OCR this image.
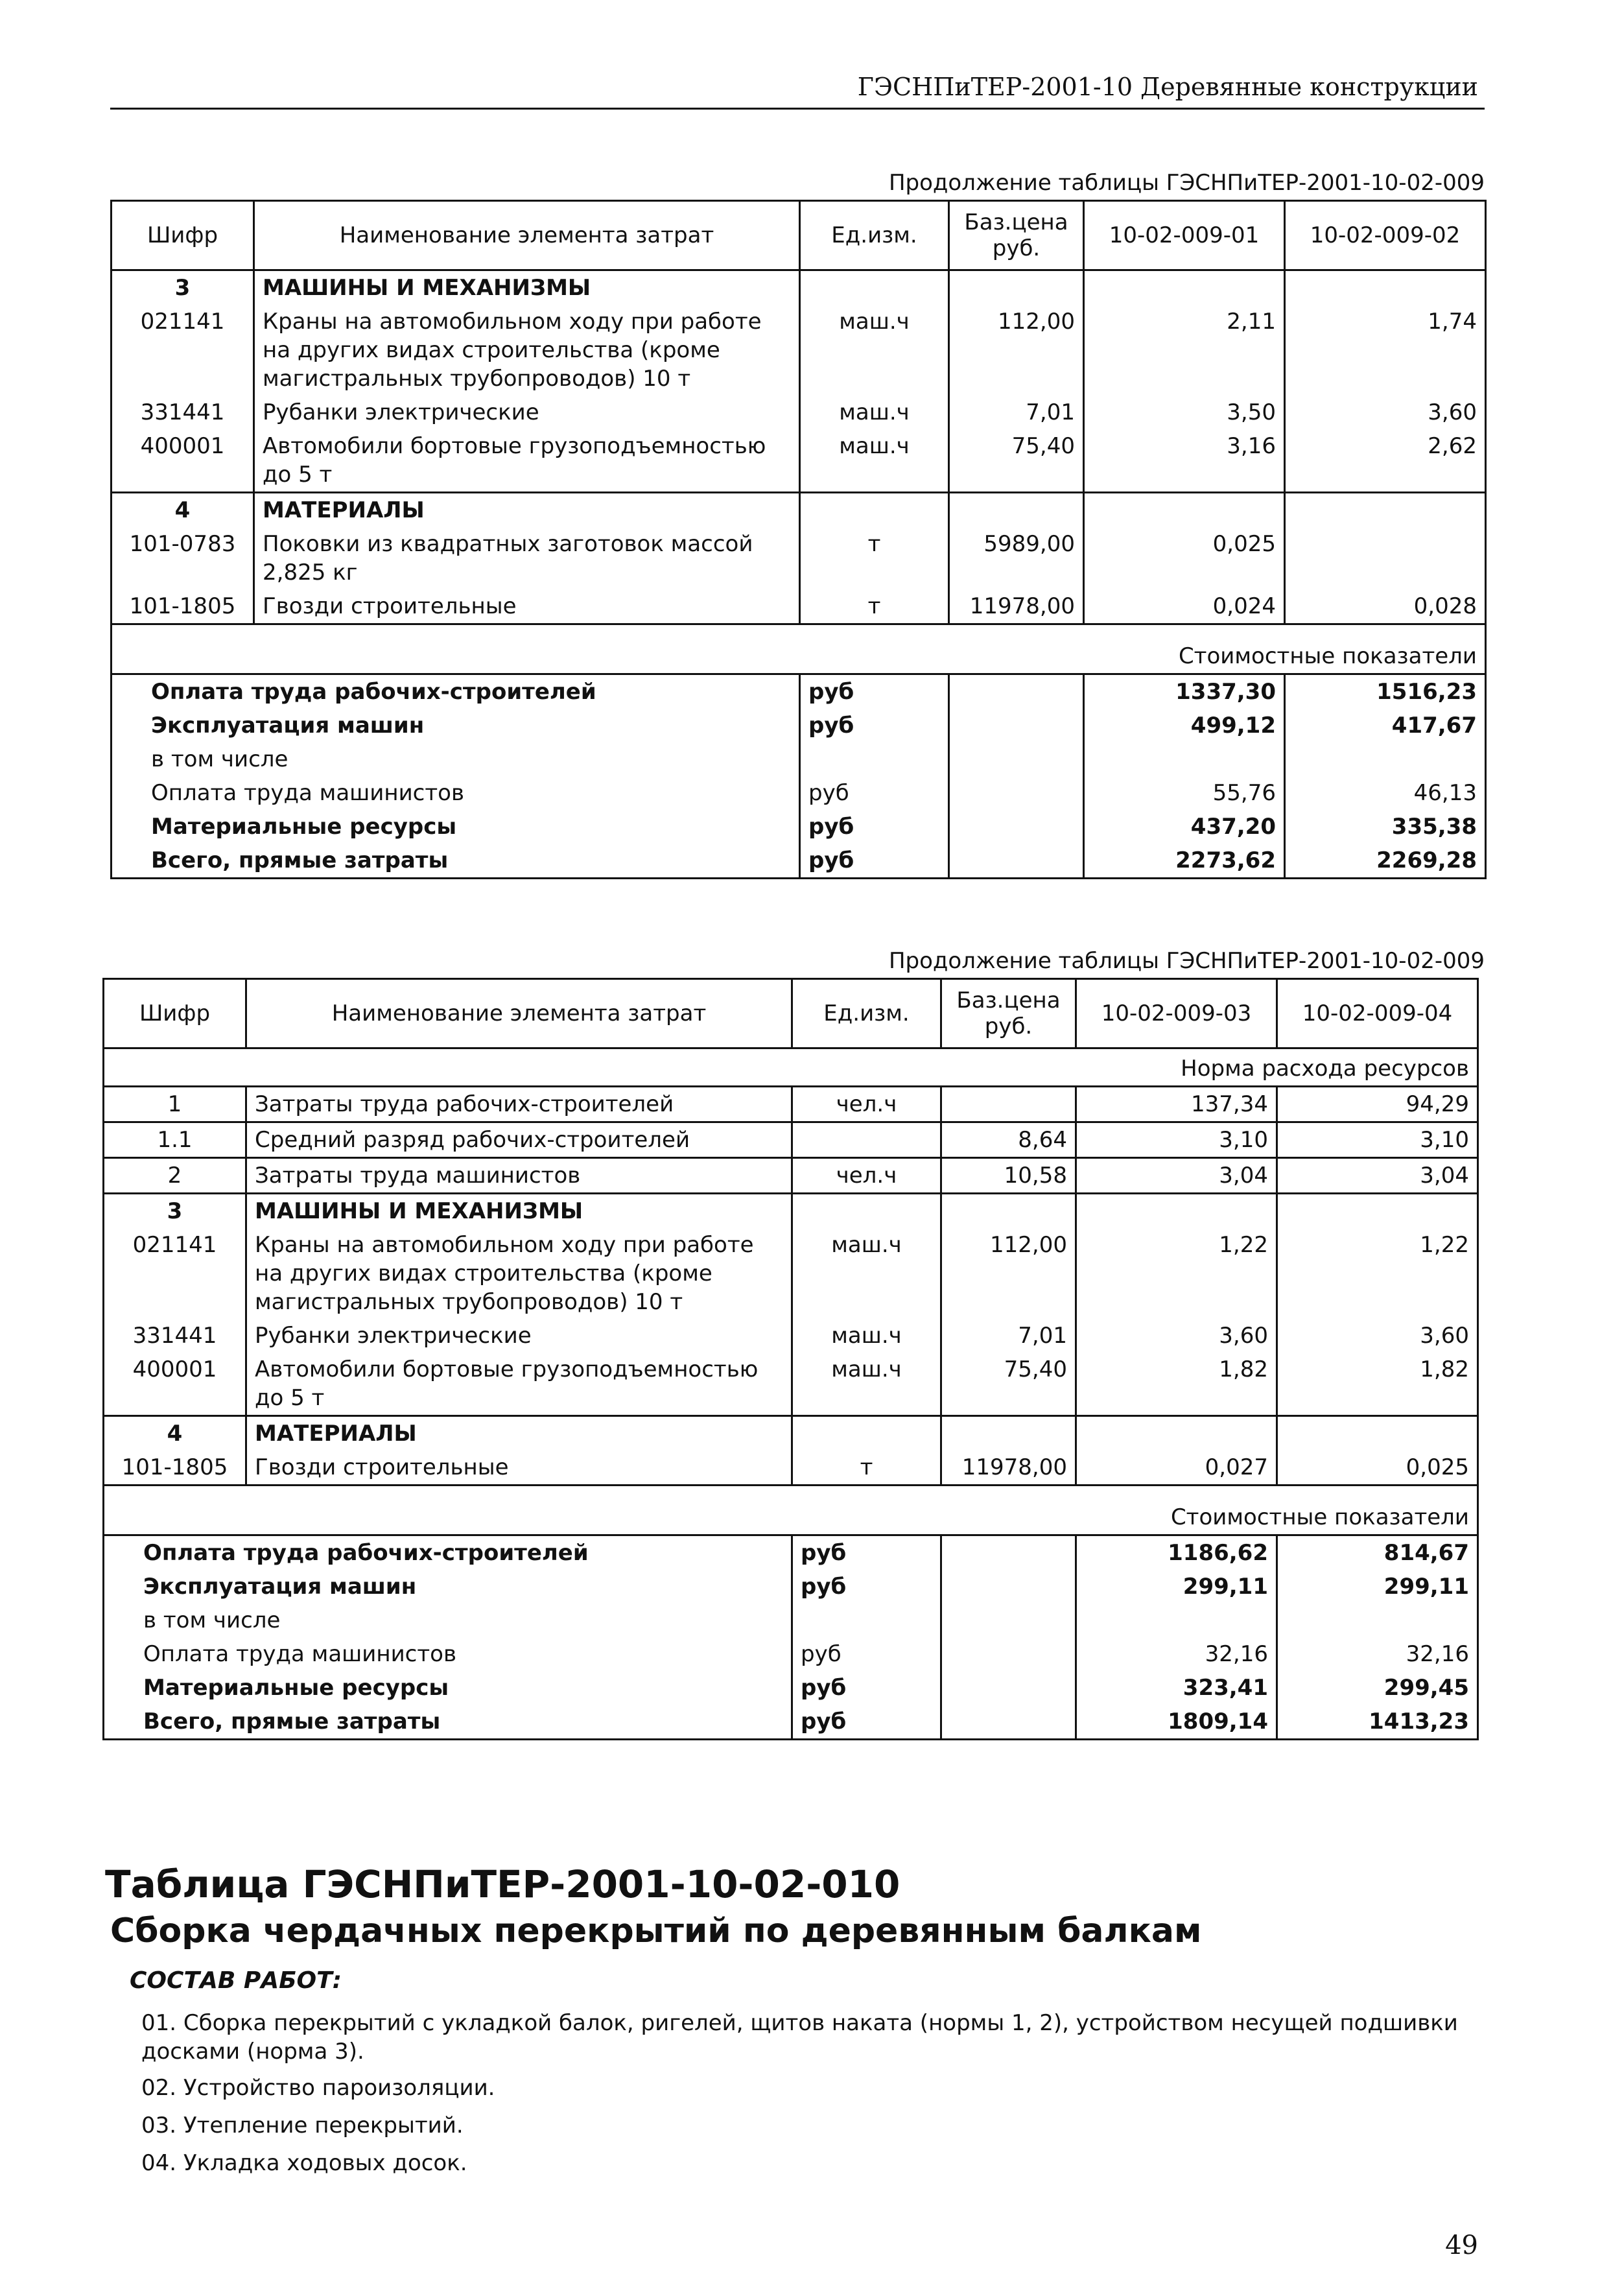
ГЭСНПиТЕР-2001-10 Деревянные конструкции
Продолжение таблицы ГЭСНПиТЕР-2001-10-02-009
Шифр	Наименование элемента затрат	Ед.изм.	Баз.цена руб.	10-02-009-01	10-02-009-02
3	МАШИНЫ И МЕХАНИЗМЫ				
021141	Краны на автомобильном ходу при работе на других видах строительства (кроме магистральных трубопроводов) 10 т	маш.ч	112,00	2,11	1,74
331441	Рубанки электрические	маш.ч	7,01	3,50	3,60
400001	Автомобили бортовые грузоподъемностью до 5 т	маш.ч	75,40	3,16	2,62
4	МАТЕРИАЛЫ				
101-0783	Поковки из квадратных заготовок массой 2,825 кг	т	5989,00	0,025	
101-1805	Гвозди строительные	т	11978,00	0,024	0,028
Стоимостные показатели					
Оплата труда рабочих-строителей		руб		1337,30	1516,23
Эксплуатация машин		руб		499,12	417,67
в том числе					
Оплата труда машинистов		руб		55,76	46,13
Материальные ресурсы		руб		437,20	335,38
Всего, прямые затраты		руб		2273,62	2269,28
Продолжение таблицы ГЭСНПиТЕР-2001-10-02-009
Шифр	Наименование элемента затрат	Ед.изм.	Баз.цена руб.	10-02-009-03	10-02-009-04
Норма расхода ресурсов					
1	Затраты труда рабочих-строителей	чел.ч		137,34	94,29
1.1	Средний разряд рабочих-строителей		8,64	3,10	3,10
2	Затраты труда машинистов	чел.ч	10,58	3,04	3,04
3	МАШИНЫ И МЕХАНИЗМЫ				
021141	Краны на автомобильном ходу при работе на других видах строительства (кроме магистральных трубопроводов) 10 т	маш.ч	112,00	1,22	1,22
331441	Рубанки электрические	маш.ч	7,01	3,60	3,60
400001	Автомобили бортовые грузоподъемностью до 5 т	маш.ч	75,40	1,82	1,82
4	МАТЕРИАЛЫ				
101-1805	Гвозди строительные	т	11978,00	0,027	0,025
Стоимостные показатели					
Оплата труда рабочих-строителей		руб		1186,62	814,67
Эксплуатация машин		руб		299,11	299,11
в том числе					
Оплата труда машинистов		руб		32,16	32,16
Материальные ресурсы		руб		323,41	299,45
Всего, прямые затраты		руб		1809,14	1413,23
Таблица ГЭСНПиТЕР-2001-10-02-010
Сборка чердачных перекрытий по деревянным балкам
СОСТАВ РАБОТ:
01. Сборка перекрытий с укладкой балок, ригелей, щитов наката (нормы 1, 2), устройством несущей подшивки досками (норма 3).
02. Устройство пароизоляции.
03. Утепление перекрытий.
04. Укладка ходовых досок.
49
